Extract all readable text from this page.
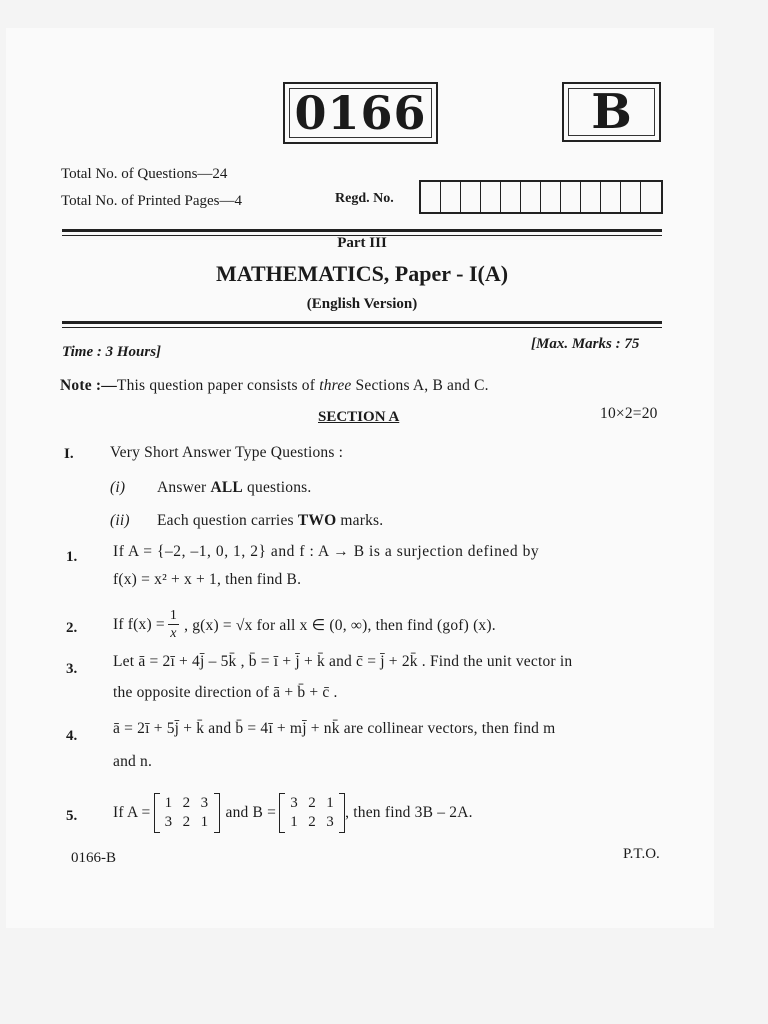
0166	B
Total No. of Questions—24
Total No. of Printed Pages—4	Regd. No.
Part III
MATHEMATICS, Paper - I(A)
(English Version)
Time : 3 Hours]	[Max. Marks : 75
Note :—This question paper consists of three Sections A, B and C.
SECTION A	10×2=20
I. Very Short Answer Type Questions :
(i) Answer ALL questions.
(ii) Each question carries TWO marks.
1. If A = {–2, –1, 0, 1, 2} and f : A → B is a surjection defined by
f(x) = x² + x + 1, then find B.
2. If $f(x) = \frac{1}{x}$ , g(x) = √x for all x ∈ (0, ∞), then find (gof) (x).
3. Let ā = 2ī + 4j̄ – 5k̄ , b̄ = ī + j̄ + k̄ and c̄ = j̄ + 2k̄ . Find the unit vector in
the opposite direction of ā + b̄ + c̄ .
4. ā = 2ī + 5j̄ + k̄ and b̄ = 4ī + mj̄ + nk̄ are collinear vectors, then find m
and n.
5. If A =
1 2 3
3 2 1
and B =
3 2 1
1 2 3
, then find 3B – 2A.
0166-B	P.T.O.
